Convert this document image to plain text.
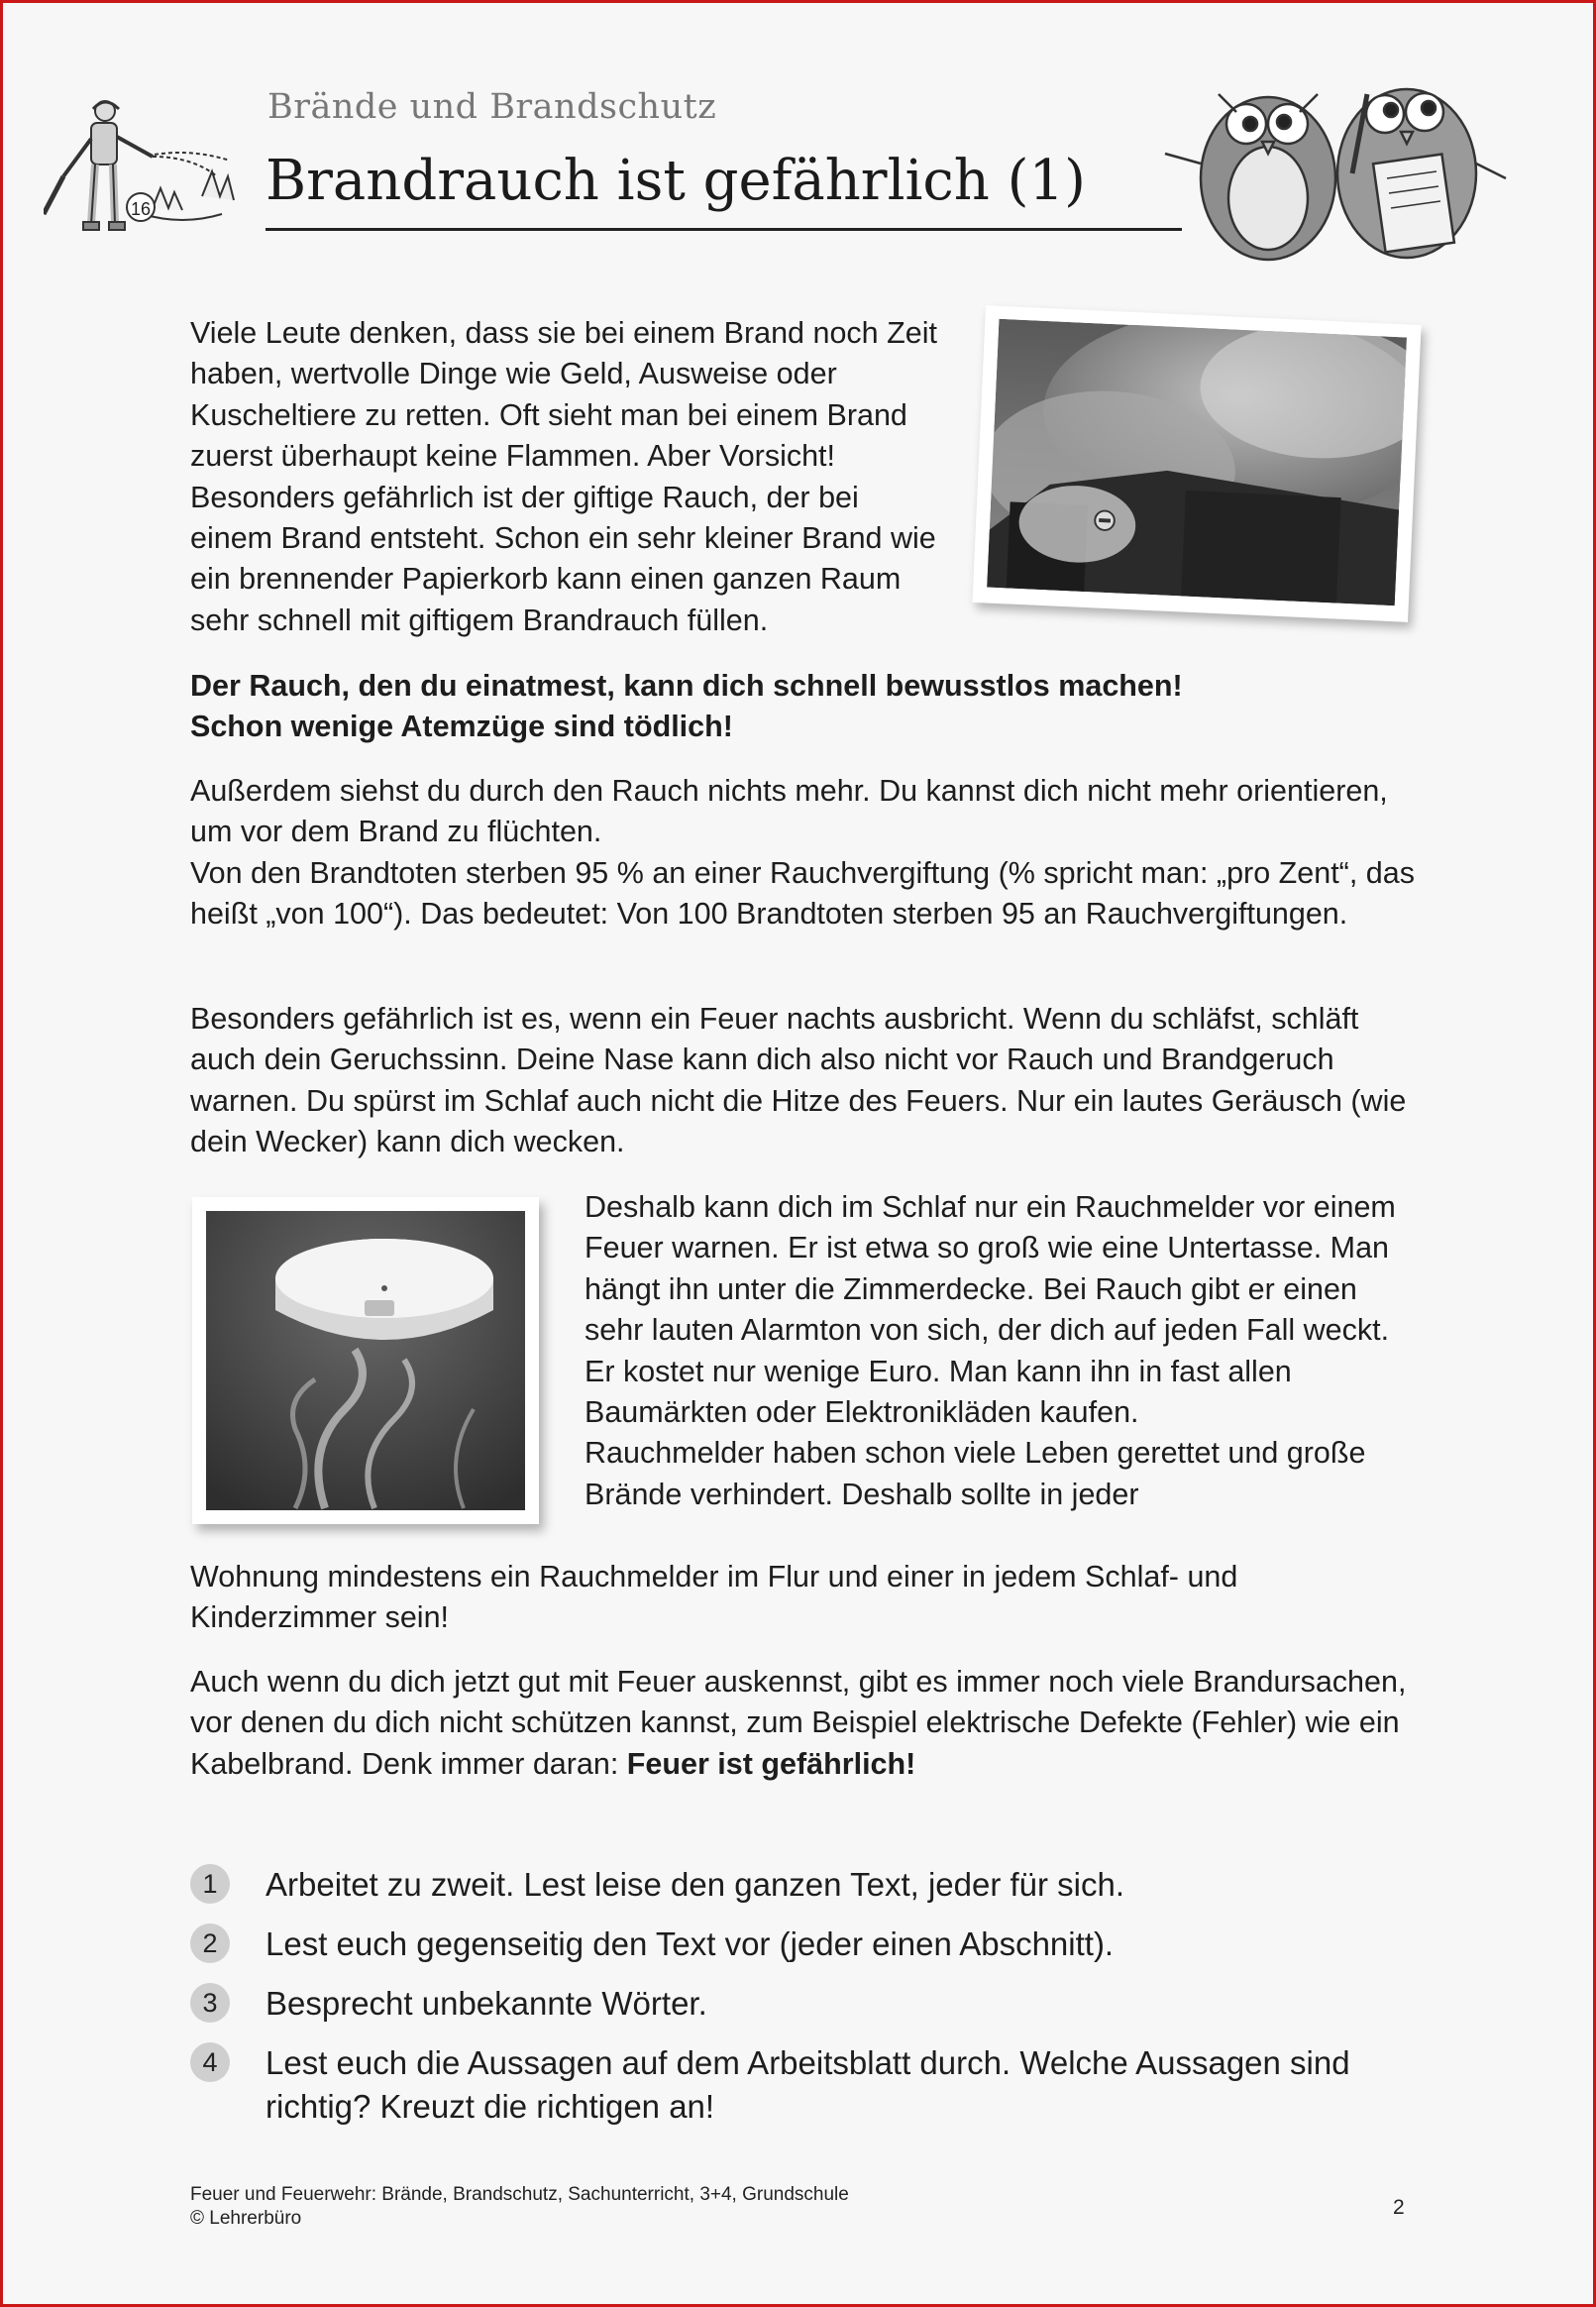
16
Brände und Brandschutz
Brandrauch ist gefährlich (1)
Viele Leute denken, dass sie bei einem Brand noch Zeit haben, wertvolle Dinge wie Geld, Ausweise oder Kuscheltiere zu retten. Oft sieht man bei einem Brand zuerst überhaupt keine Flammen. Aber Vorsicht! Besonders gefährlich ist der giftige Rauch, der bei einem Brand entsteht. Schon ein sehr kleiner Brand wie ein brennender Papierkorb kann einen ganzen Raum sehr schnell mit giftigem Brandrauch füllen.
Der Rauch, den du einatmest, kann dich schnell bewusstlos machen!
Schon wenige Atemzüge sind tödlich!
Außerdem siehst du durch den Rauch nichts mehr. Du kannst dich nicht mehr orientieren, um vor dem Brand zu flüchten.
Von den Brandtoten sterben 95 % an einer Rauchvergiftung (% spricht man: „pro Zent“, das heißt „von 100“). Das bedeutet: Von 100 Brandtoten sterben 95 an Rauchvergiftungen.
Besonders gefährlich ist es, wenn ein Feuer nachts ausbricht. Wenn du schläfst, schläft auch dein Geruchssinn. Deine Nase kann dich also nicht vor Rauch und Brandgeruch warnen. Du spürst im Schlaf auch nicht die Hitze des Feuers. Nur ein lautes Geräusch (wie dein Wecker) kann dich wecken.
Deshalb kann dich im Schlaf nur ein Rauchmelder vor einem Feuer warnen. Er ist etwa so groß wie eine Untertasse. Man hängt ihn unter die Zimmerdecke. Bei Rauch gibt er einen sehr lauten Alarmton von sich, der dich auf jeden Fall weckt. Er kostet nur wenige Euro. Man kann ihn in fast allen Baumärkten oder Elektronikläden kaufen.
Rauchmelder haben schon viele Leben gerettet und große Brände verhindert. Deshalb sollte in jeder
Wohnung mindestens ein Rauchmelder im Flur und einer in jedem Schlaf- und Kinderzimmer sein!
Auch wenn du dich jetzt gut mit Feuer auskennst, gibt es immer noch viele Brandursachen, vor denen du dich nicht schützen kannst, zum Beispiel elektrische Defekte (Fehler) wie ein Kabelbrand. Denk immer daran: Feuer ist gefährlich!
1	Arbeitet zu zweit. Lest leise den ganzen Text, jeder für sich.
2	Lest euch gegenseitig den Text vor (jeder einen Abschnitt).
3	Besprecht unbekannte Wörter.
4	Lest euch die Aussagen auf dem Arbeitsblatt durch. Welche Aussagen sind richtig? Kreuzt die richtigen an!
Feuer und Feuerwehr: Brände, Brandschutz, Sachunterricht, 3+4, Grundschule
© Lehrerbüro	2
